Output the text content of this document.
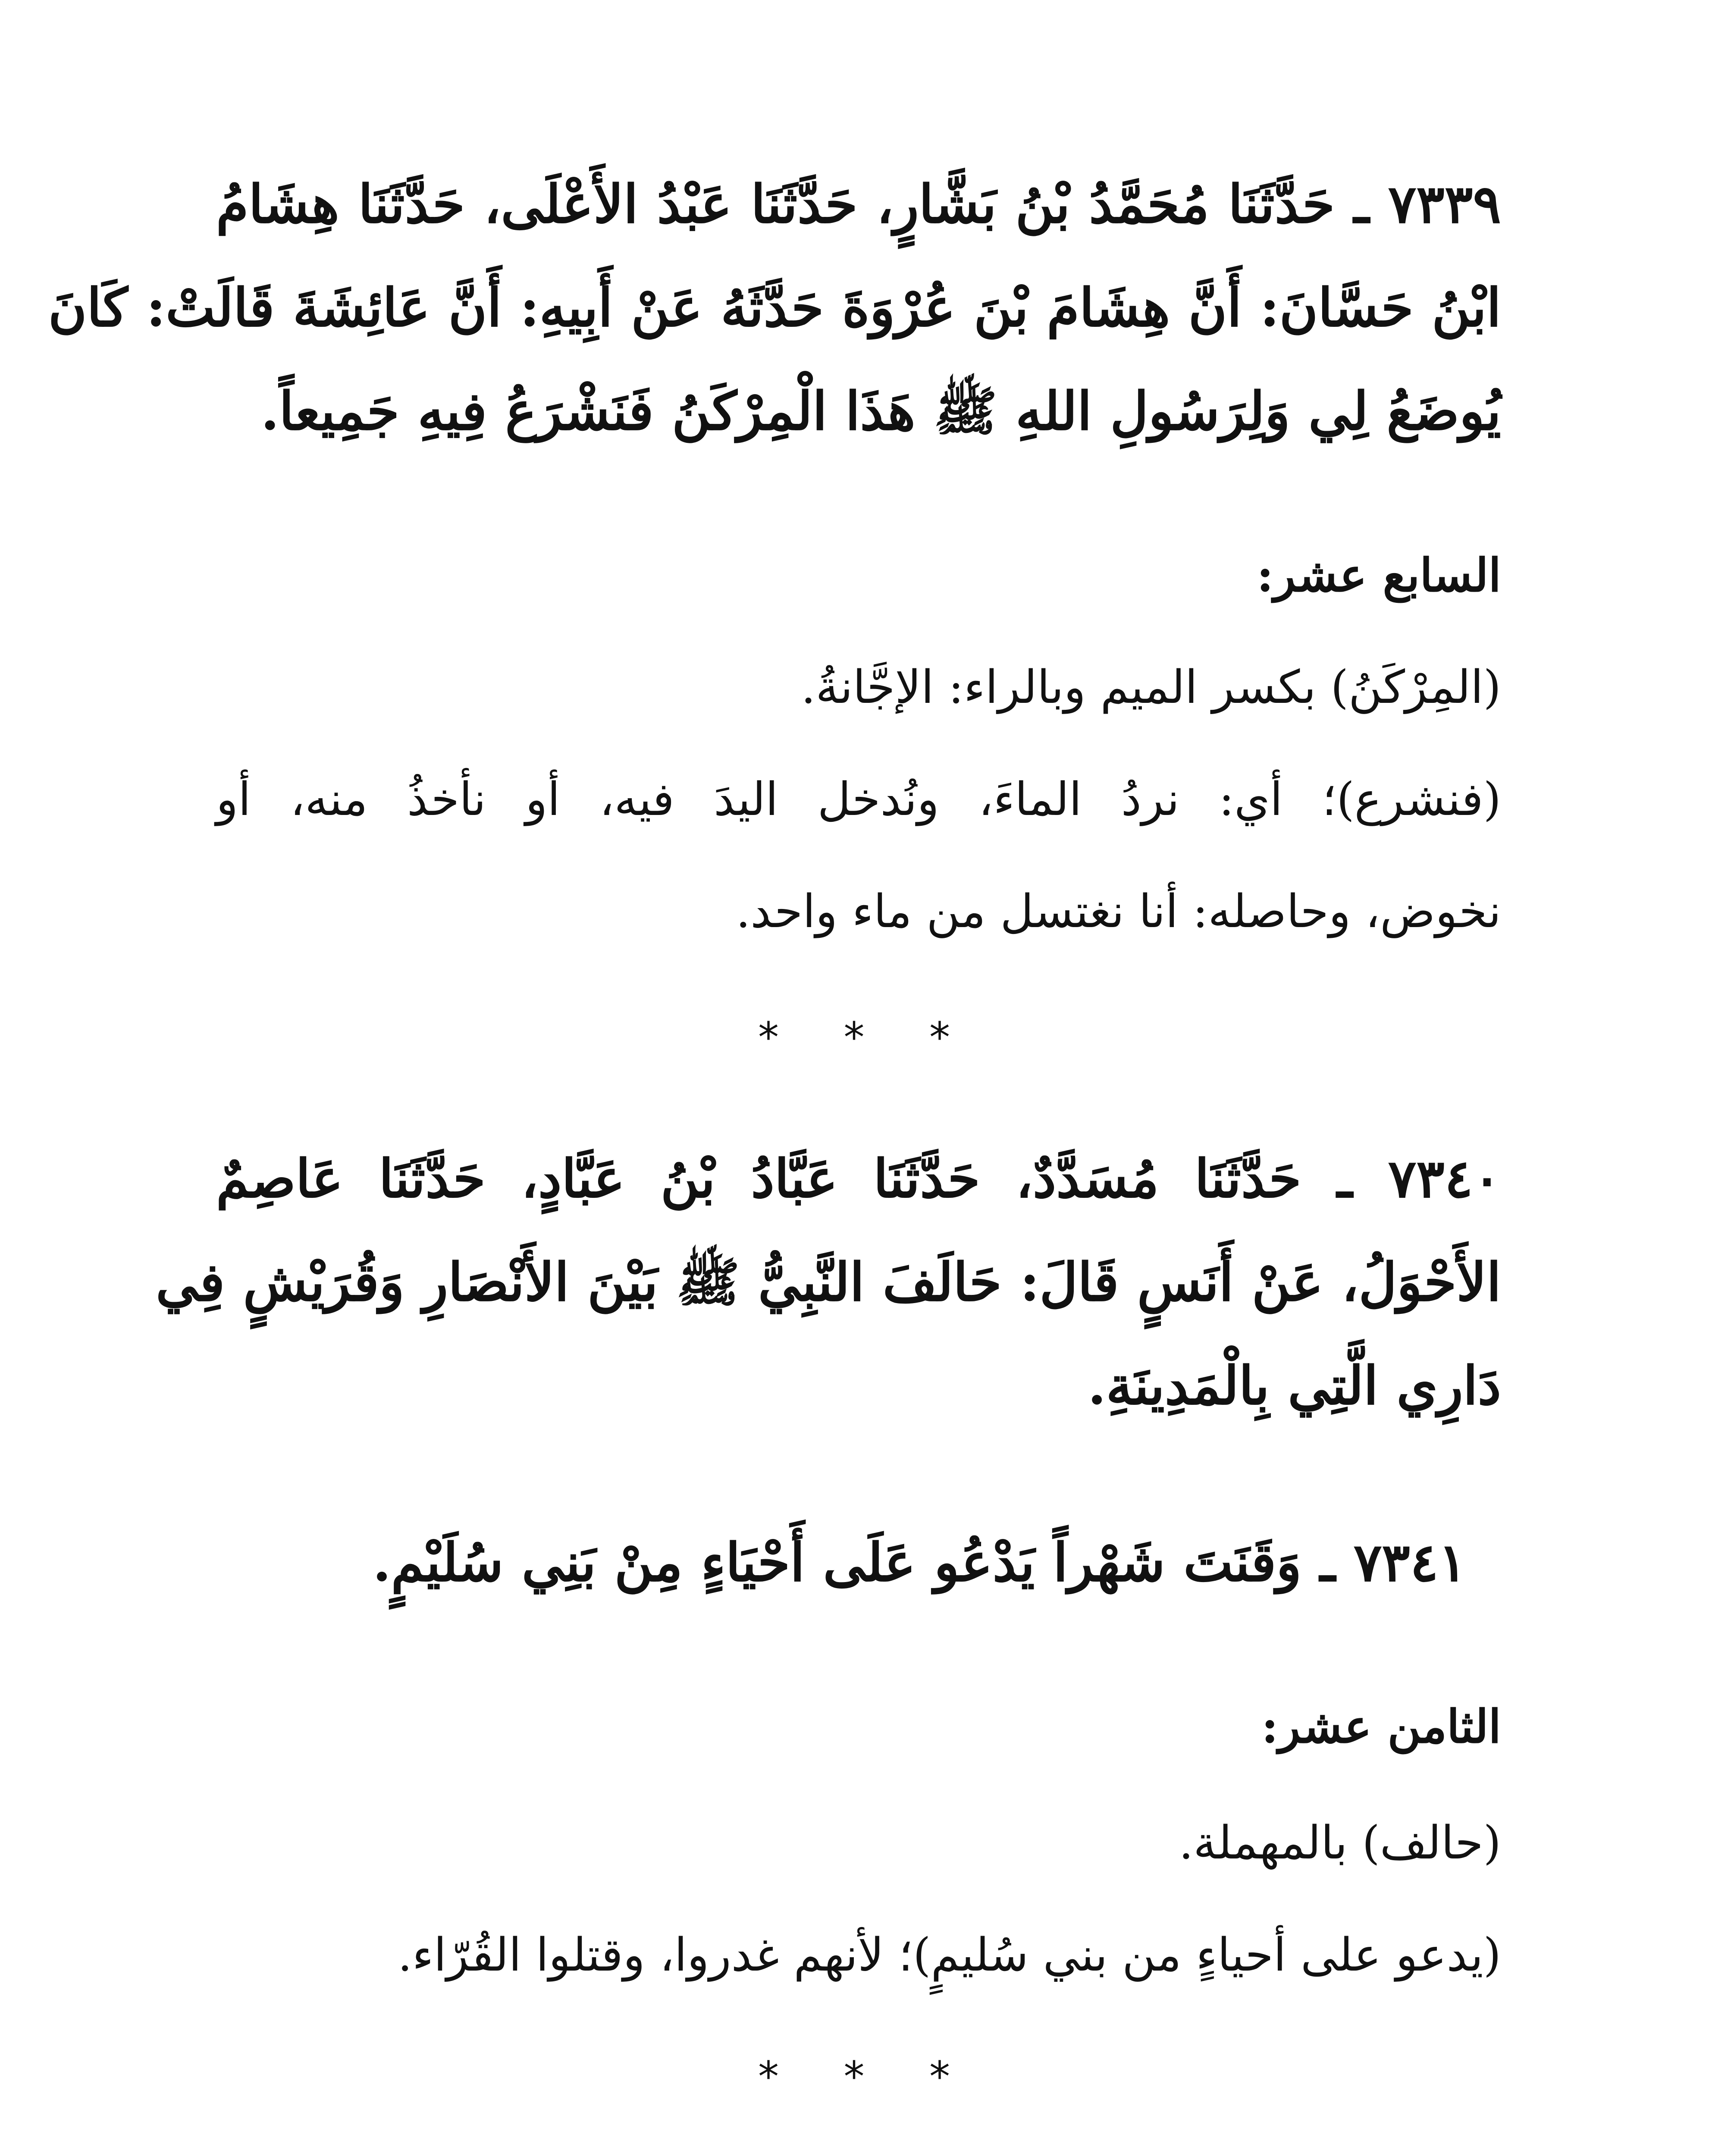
٧٣٣٩ ـ حَدَّثَنَا مُحَمَّدُ بْنُ بَشَّارٍ، حَدَّثَنَا عَبْدُ الأَعْلَى، حَدَّثَنَا هِشَامُ
ابْنُ حَسَّانَ: أَنَّ هِشَامَ بْنَ عُرْوَةَ حَدَّثَهُ عَنْ أَبِيهِ: أَنَّ عَائِشَةَ قَالَتْ: كَانَ
يُوضَعُ لِي وَلِرَسُولِ اللهِ ﷺ هَذَا الْمِرْكَنُ فَنَشْرَعُ فِيهِ جَمِيعاً.
السابع عشر:
(المِرْكَنُ) بكسر الميم وبالراء: الإجَّانةُ.
(فنشرع)؛ أي: نردُ الماءَ، ونُدخل اليدَ فيه، أو نأخذُ منه، أو
نخوض، وحاصله: أنا نغتسل من ماء واحد.
* * *
٧٣٤٠ ـ حَدَّثَنَا مُسَدَّدٌ، حَدَّثَنَا عَبَّادُ بْنُ عَبَّادٍ، حَدَّثَنَا عَاصِمٌ
الأَحْوَلُ، عَنْ أَنَسٍ قَالَ: حَالَفَ النَّبِيُّ ﷺ بَيْنَ الأَنْصَارِ وَقُرَيْشٍ فِي
دَارِي الَّتِي بِالْمَدِينَةِ.
٧٣٤١ ـ وَقَنَتَ شَهْراً يَدْعُو عَلَى أَحْيَاءٍ مِنْ بَنِي سُلَيْمٍ.
الثامن عشر:
(حالف) بالمهملة.
(يدعو على أحياءٍ من بني سُليمٍ)؛ لأنهم غدروا، وقتلوا القُرّاء.
* * *
